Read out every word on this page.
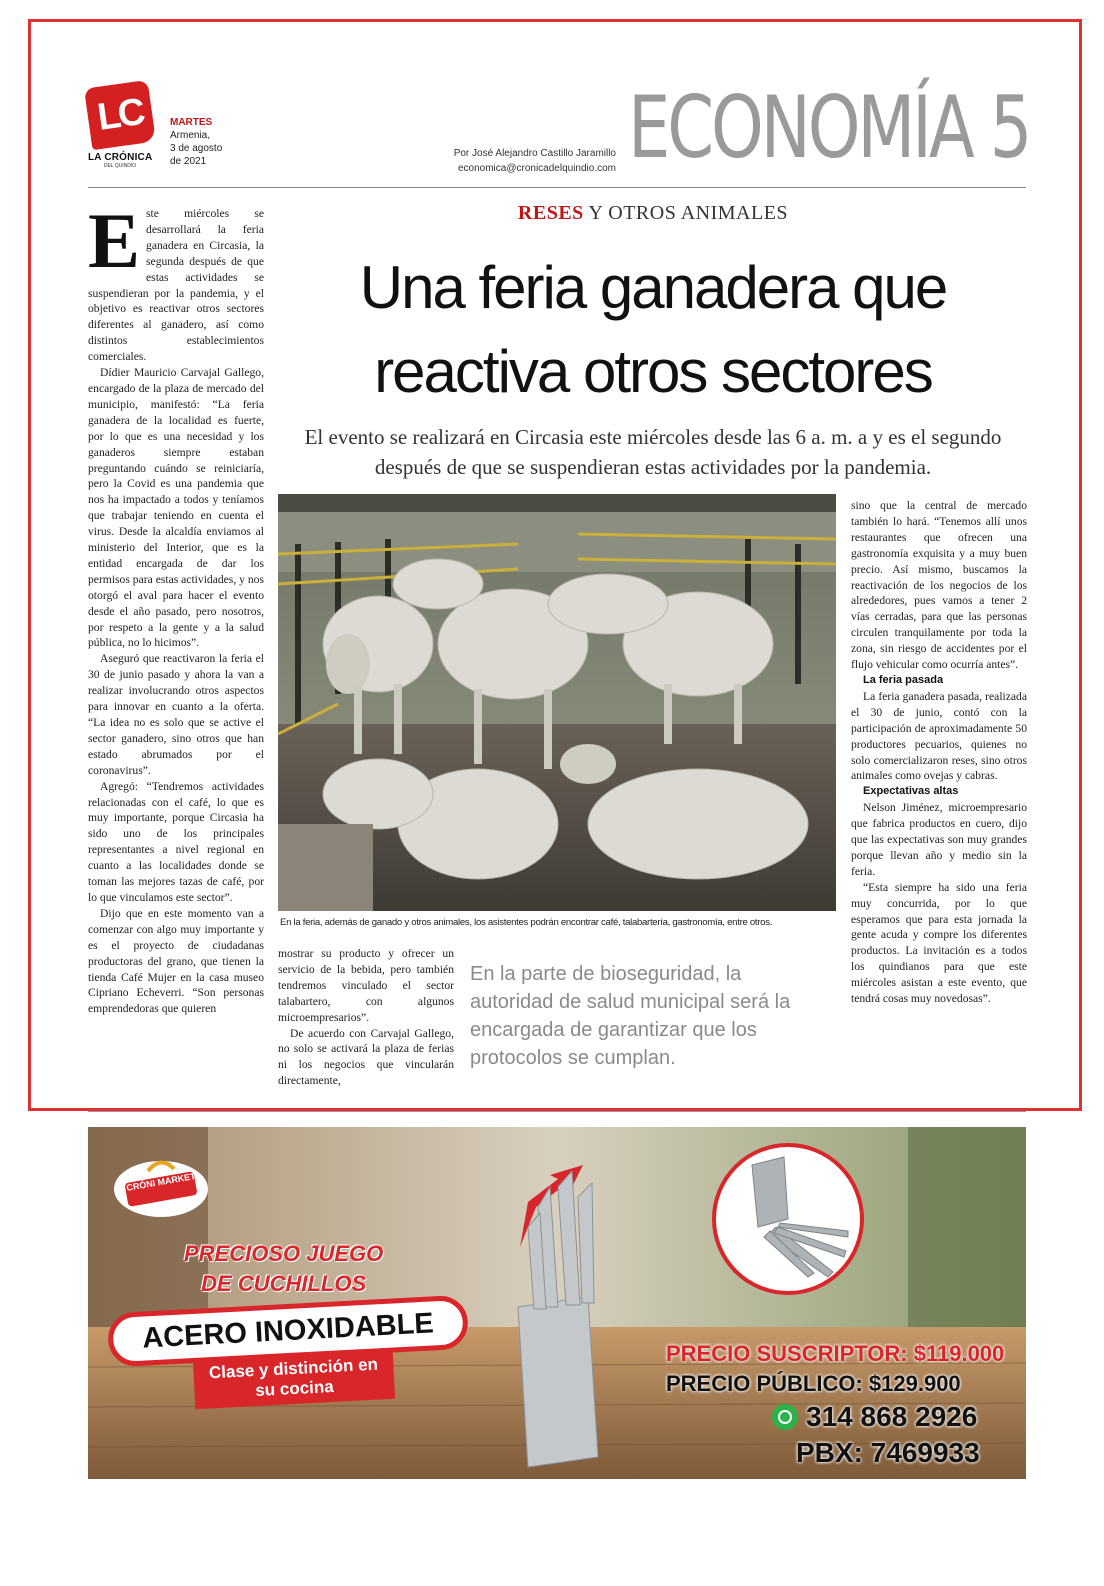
LC
LA CRÓNICA
DEL QUINDÍO
MARTES
Armenia,
3 de agosto
de 2021
Por José Alejandro Castillo Jaramillo
economica@cronicadelquindio.com ECONOMÍA 5
RESES Y OTROS ANIMALES
Una feria ganadera que
reactiva otros sectores
El evento se realizará en Circasia este miércoles desde las 6 a. m. a y es el segundo después de que se suspendieran estas actividades por la pandemia.

Este miércoles se desarrollará la feria ganadera en Circasia, la segunda después de que estas actividades se suspendieran por la pandemia, y el objetivo es reactivar otros sectores diferentes al ganadero, así como distintos establecimientos comerciales.

Dídier Mauricio Carvajal Gallego, encargado de la plaza de mercado del municipio, manifestó: “La feria ganadera de la localidad es fuerte, por lo que es una necesidad y los ganaderos siempre estaban preguntando cuándo se reiniciaría, pero la Covid es una pandemia que nos ha impactado a todos y teníamos que trabajar teniendo en cuenta el virus. Desde la alcaldía enviamos al ministerio del Interior, que es la entidad encargada de dar los permisos para estas actividades, y nos otorgó el aval para hacer el evento desde el año pasado, pero nosotros, por respeto a la gente y a la salud pública, no lo hicimos”.

Aseguró que reactivaron la feria el 30 de junio pasado y ahora la van a realizar involucrando otros aspectos para innovar en cuanto a la oferta. “La idea no es solo que se active el sector ganadero, sino otros que han estado abrumados por el coronavirus”.

Agregó: “Tendremos actividades relacionadas con el café, lo que es muy importante, porque Circasia ha sido uno de los principales representantes a nivel regional en cuanto a las localidades donde se toman las mejores tazas de café, por lo que vinculamos este sector”.

Dijo que en este momento van a comenzar con algo muy importante y es el proyecto de ciudadanas productoras del grano, que tienen la tienda Café Mujer en la casa museo Cipriano Echeverri. “Son personas emprendedoras que quieren

En la feria, además de ganado y otros animales, los asistentes podrán encontrar café, talabartería, gastronomía, entre otros.

mostrar su producto y ofrecer un servicio de la bebida, pero también tendremos vinculado el sector talabartero, con algunos microempresarios”.

De acuerdo con Carvajal Gallego, no solo se activará la plaza de ferias ni los negocios que vincularán directamente,

En la parte de bioseguridad, la autoridad de salud municipal será la encargada de garantizar que los protocolos se cumplan.

sino que la central de mercado también lo hará. “Tenemos allí unos restaurantes que ofrecen una gastronomía exquisita y a muy buen precio. Así mismo, buscamos la reactivación de los negocios de los alrededores, pues vamos a tener 2 vías cerradas, para que las personas circulen tranquilamente por toda la zona, sin riesgo de accidentes por el flujo vehicular como ocurría antes”.

La feria pasada

La feria ganadera pasada, realizada el 30 de junio, contó con la participación de aproximadamente 50 productores pecuarios, quienes no solo comercializaron reses, sino otros animales como ovejas y cabras.

Expectativas altas

Nelson Jiménez, microempresario que fabrica productos en cuero, dijo que las expectativas son muy grandes porque llevan año y medio sin la feria.

“Esta siempre ha sido una feria muy concurrida, por lo que esperamos que para esta jornada la gente acuda y compre los diferentes productos. La invitación es a todos los quindianos para que este miércoles asistan a este evento, que tendrá cosas muy novedosas”.

CRÓNI MARKET
PRECIOSO JUEGO
DE CUCHILLOS
ACERO INOXIDABLE
Clase y distinción en
su cocina
PRECIO SUSCRIPTOR: $119.000
PRECIO PÚBLICO: $129.900
314 868 2926
PBX: 7469933
